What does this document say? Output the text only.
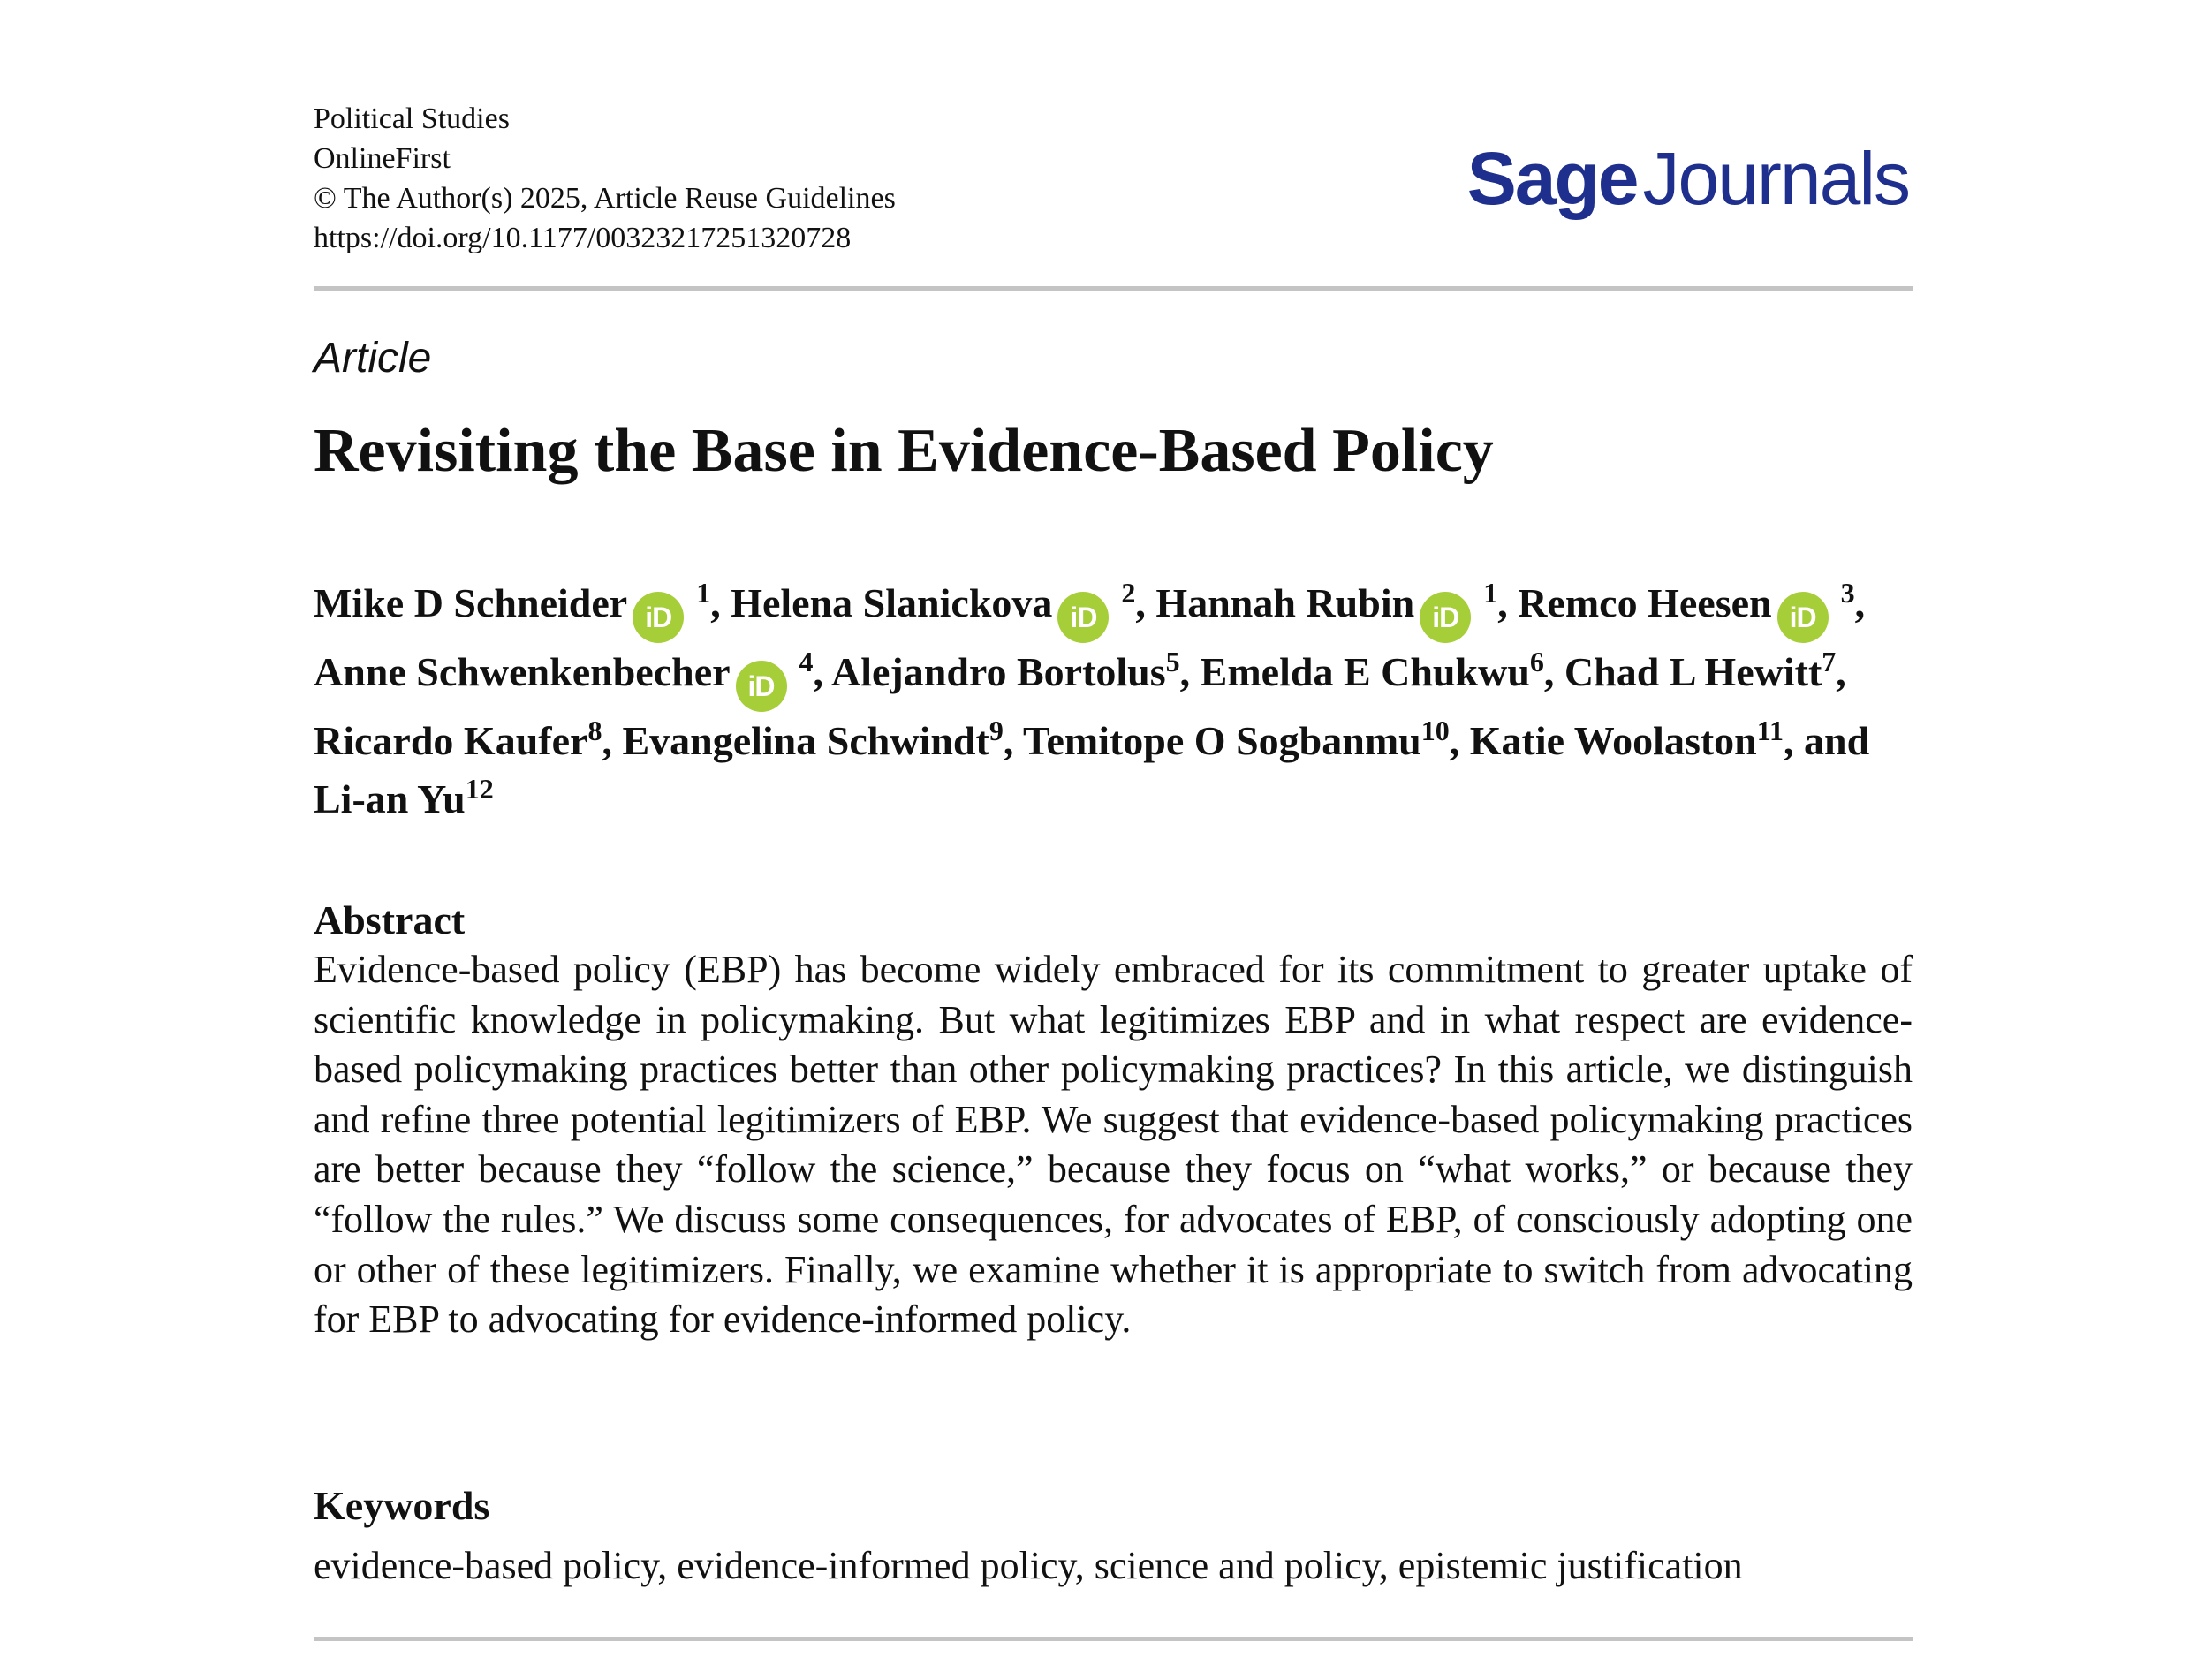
Political Studies
OnlineFirst
© The Author(s) 2025, Article Reuse Guidelines
https://doi.org/10.1177/00323217251320728
SageJournals
Article
Revisiting the Base in Evidence-Based Policy
Mike D Schneider iD $^1$, Helena Slanickova iD $^2$, Hannah Rubin iD $^1$, Remco Heesen iD $^3$, Anne Schwenkenbecher iD $^4$, Alejandro Bortolus$^5$, Emelda E Chukwu$^6$, Chad L Hewitt$^7$, Ricardo Kaufer$^8$, Evangelina Schwindt$^9$, Temitope O Sogbanmu$^{10}$, Katie Woolaston$^{11}$, and Li-an Yu$^{12}$
Abstract

Evidence-based policy (EBP) has become widely embraced for its commitment to greater uptake of scientific knowledge in policymaking. But what legitimizes EBP and in what respect are evidence-based policymaking practices better than other policymaking practices? In this article, we distinguish and refine three potential legitimizers of EBP. We suggest that evidence-based policymaking practices are better because they “follow the science,” because they focus on “what works,” or because they “follow the rules.” We discuss some consequences, for advocates of EBP, of consciously adopting one or other of these legitimizers. Finally, we examine whether it is appropriate to switch from advocating for EBP to advocating for evidence-informed policy.

Keywords

evidence-based policy, evidence-informed policy, science and policy, epistemic justification
